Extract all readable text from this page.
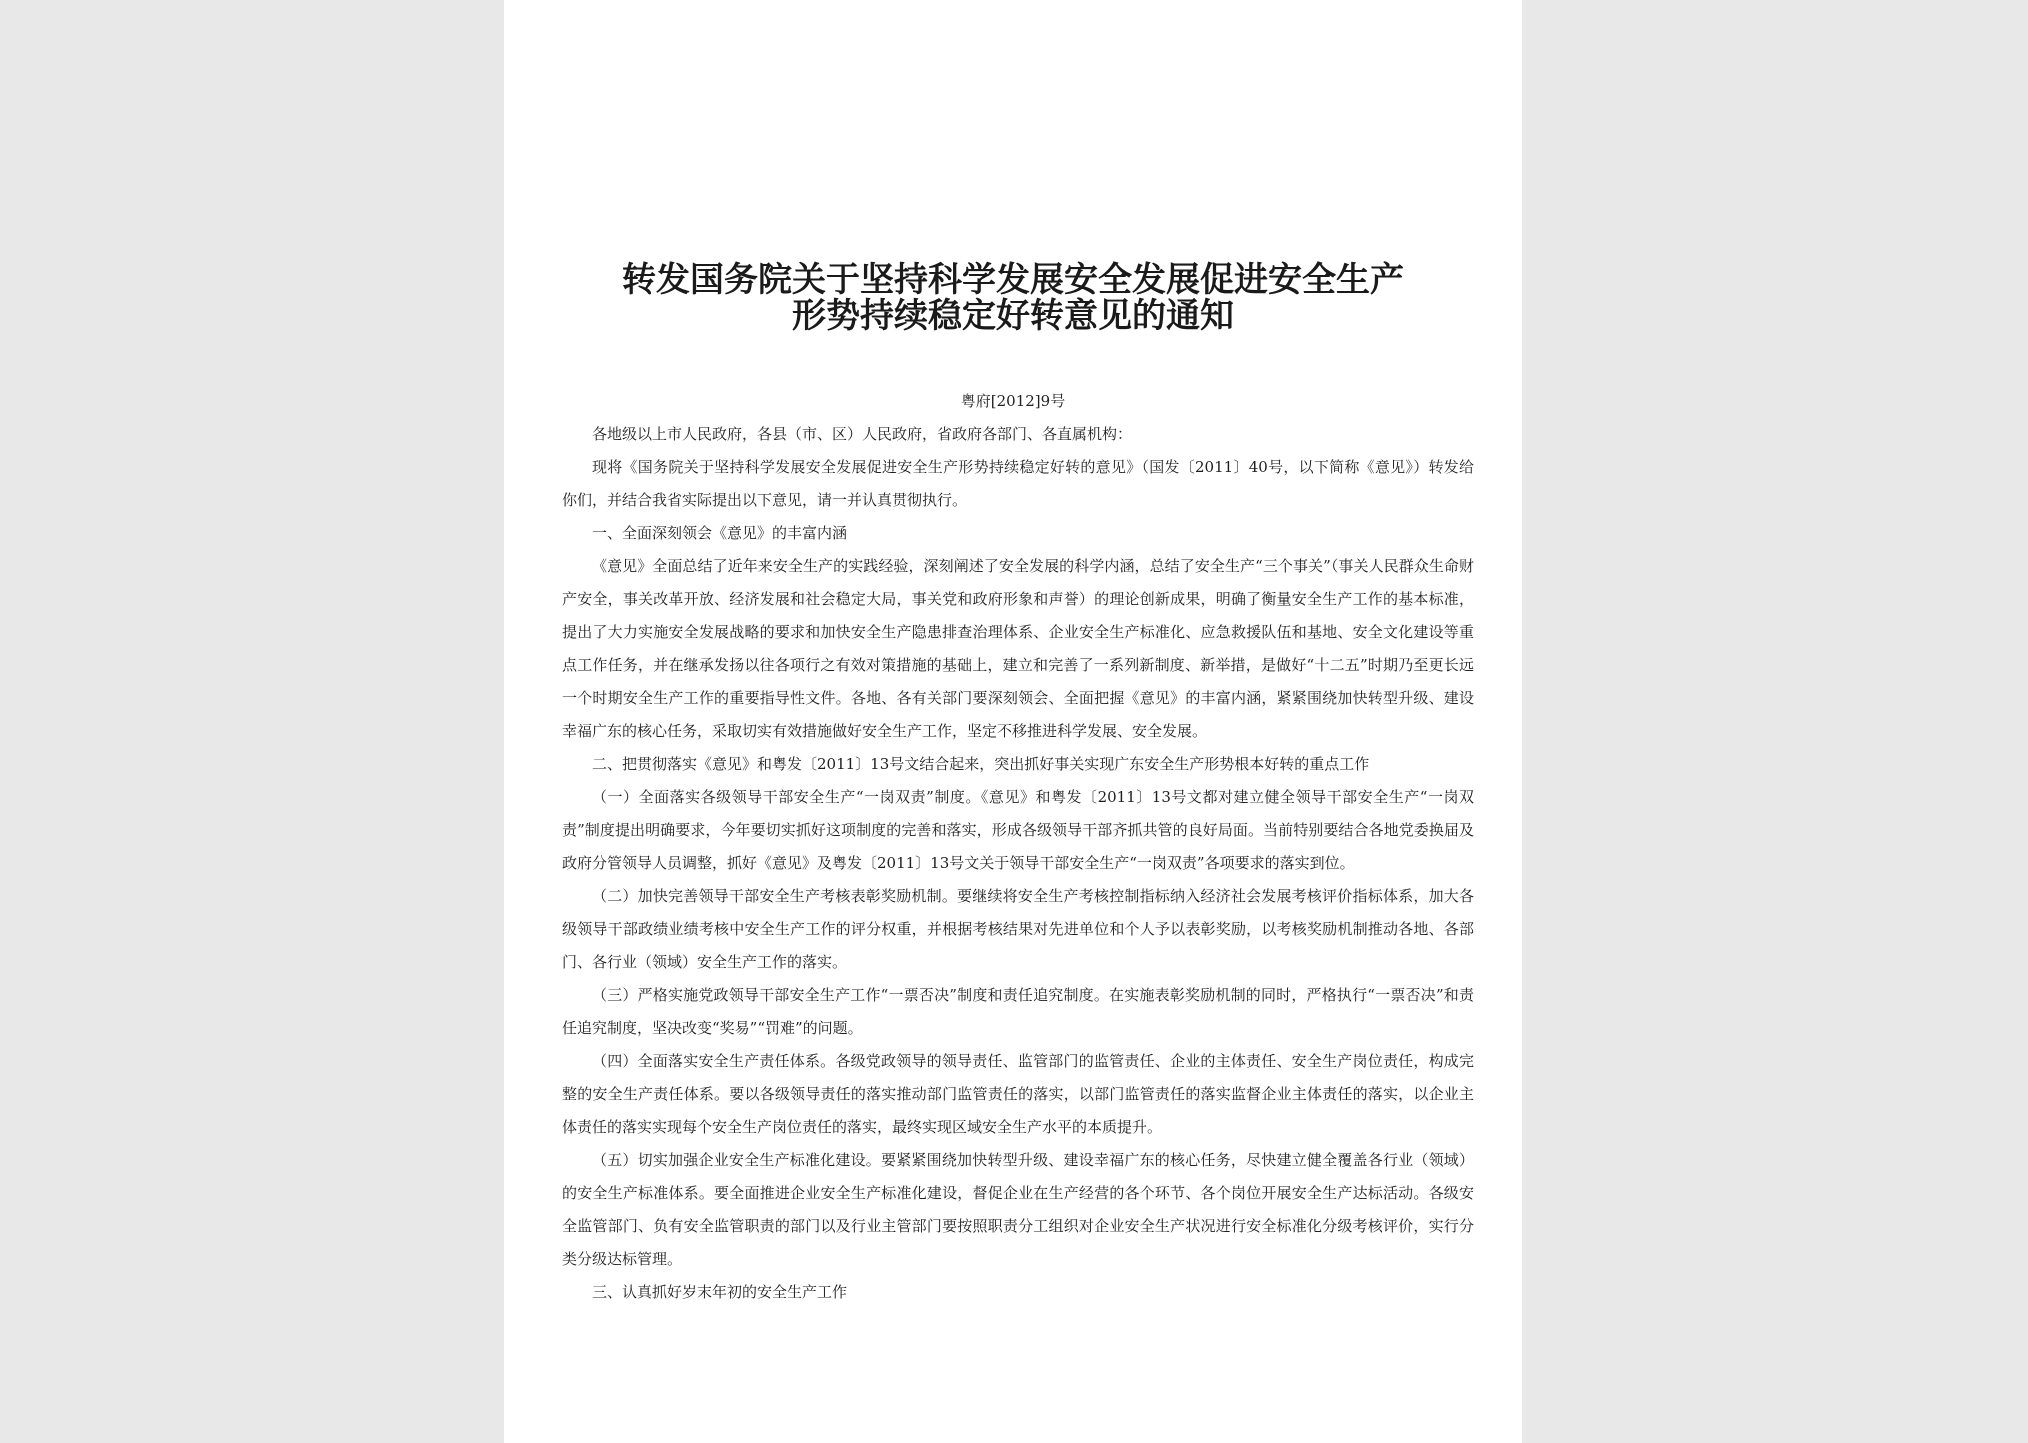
转发国务院关于坚持科学发展安全发展促进安全生产
形势持续稳定好转意见的通知
粤府[2012]9号

各地级以上市人民政府，各县（市、区）人民政府，省政府各部门、各直属机构：

现将《国务院关于坚持科学发展安全发展促进安全生产形势持续稳定好转的意见》（国发〔2011〕40号，以下简称《意见》）转发给你们，并结合我省实际提出以下意见，请一并认真贯彻执行。

一、全面深刻领会《意见》的丰富内涵

《意见》全面总结了近年来安全生产的实践经验，深刻阐述了安全发展的科学内涵，总结了安全生产“三个事关”（事关人民群众生命财产安全，事关改革开放、经济发展和社会稳定大局，事关党和政府形象和声誉）的理论创新成果，明确了衡量安全生产工作的基本标准，提出了大力实施安全发展战略的要求和加快安全生产隐患排查治理体系、企业安全生产标准化、应急救援队伍和基地、安全文化建设等重点工作任务，并在继承发扬以往各项行之有效对策措施的基础上，建立和完善了一系列新制度、新举措，是做好“十二五”时期乃至更长远一个时期安全生产工作的重要指导性文件。各地、各有关部门要深刻领会、全面把握《意见》的丰富内涵，紧紧围绕加快转型升级、建设幸福广东的核心任务，采取切实有效措施做好安全生产工作，坚定不移推进科学发展、安全发展。

二、把贯彻落实《意见》和粤发〔2011〕13号文结合起来，突出抓好事关实现广东安全生产形势根本好转的重点工作

（一）全面落实各级领导干部安全生产“一岗双责”制度。《意见》和粤发〔2011〕13号文都对建立健全领导干部安全生产“一岗双责”制度提出明确要求，今年要切实抓好这项制度的完善和落实，形成各级领导干部齐抓共管的良好局面。当前特别要结合各地党委换届及政府分管领导人员调整，抓好《意见》及粤发〔2011〕13号文关于领导干部安全生产“一岗双责”各项要求的落实到位。

（二）加快完善领导干部安全生产考核表彰奖励机制。要继续将安全生产考核控制指标纳入经济社会发展考核评价指标体系，加大各级领导干部政绩业绩考核中安全生产工作的评分权重，并根据考核结果对先进单位和个人予以表彰奖励，以考核奖励机制推动各地、各部门、各行业（领域）安全生产工作的落实。

（三）严格实施党政领导干部安全生产工作“一票否决”制度和责任追究制度。在实施表彰奖励机制的同时，严格执行“一票否决”和责任追究制度，坚决改变“奖易”“罚难”的问题。

（四）全面落实安全生产责任体系。各级党政领导的领导责任、监管部门的监管责任、企业的主体责任、安全生产岗位责任，构成完整的安全生产责任体系。要以各级领导责任的落实推动部门监管责任的落实，以部门监管责任的落实监督企业主体责任的落实，以企业主体责任的落实实现每个安全生产岗位责任的落实，最终实现区域安全生产水平的本质提升。

（五）切实加强企业安全生产标准化建设。要紧紧围绕加快转型升级、建设幸福广东的核心任务，尽快建立健全覆盖各行业（领域）的安全生产标准体系。要全面推进企业安全生产标准化建设，督促企业在生产经营的各个环节、各个岗位开展安全生产达标活动。各级安全监管部门、负有安全监管职责的部门以及行业主管部门要按照职责分工组织对企业安全生产状况进行安全标准化分级考核评价，实行分类分级达标管理。

三、认真抓好岁末年初的安全生产工作
